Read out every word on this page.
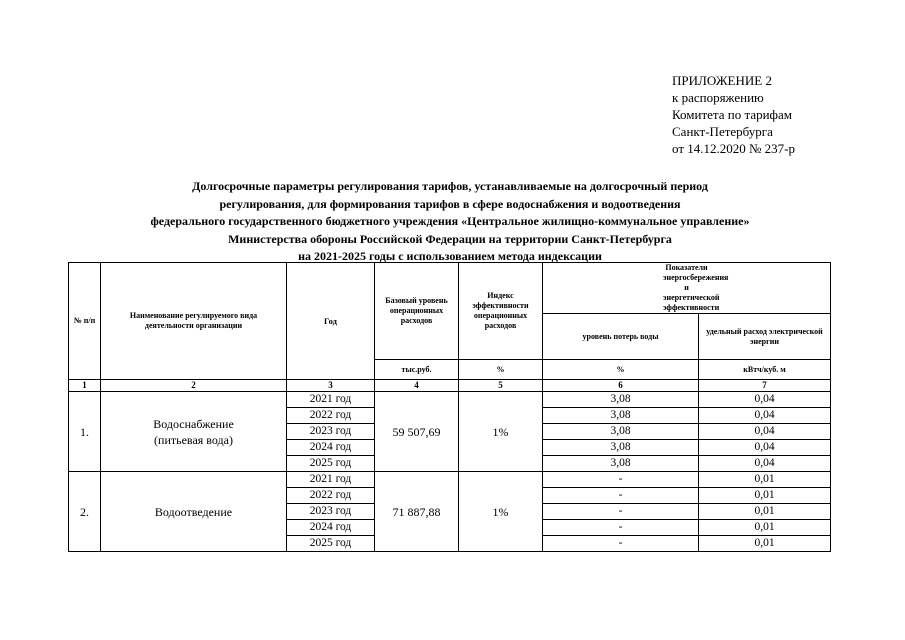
ПРИЛОЖЕНИЕ 2
к распоряжению
Комитета по тарифам
Санкт-Петербурга
от 14.12.2020 № 237-р
Долгосрочные параметры регулирования тарифов, устанавливаемые на долгосрочный период
регулирования, для формирования тарифов в сфере водоснабжения и водоотведения
федерального государственного бюджетного учреждения «Центральное жилищно-коммунальное управление»
Министерства обороны Российской Федерации на территории Санкт-Петербурга
на 2021-2025 годы с использованием метода индексации
№ п/п	Наименование регулируемого вида деятельности организации	Год	Базовый уровень операционных расходов	Индекс эффективности операционных расходов	Показатели энергосбережения и энергетической эффективности	
					уровень потерь воды	удельный расход электрической энергии
			тыс.руб.	%	%	кВтч/куб. м
1	2	3	4	5	6	7
1.	Водоснабжение (питьевая вода)	2021 год	59 507,69	1%	3,08	0,04
		2022 год			3,08	0,04
		2023 год			3,08	0,04
		2024 год			3,08	0,04
		2025 год			3,08	0,04
2.	Водоотведение	2021 год	71 887,88	1%	-	0,01
		2022 год			-	0,01
		2023 год			-	0,01
		2024 год			-	0,01
		2025 год			-	0,01
